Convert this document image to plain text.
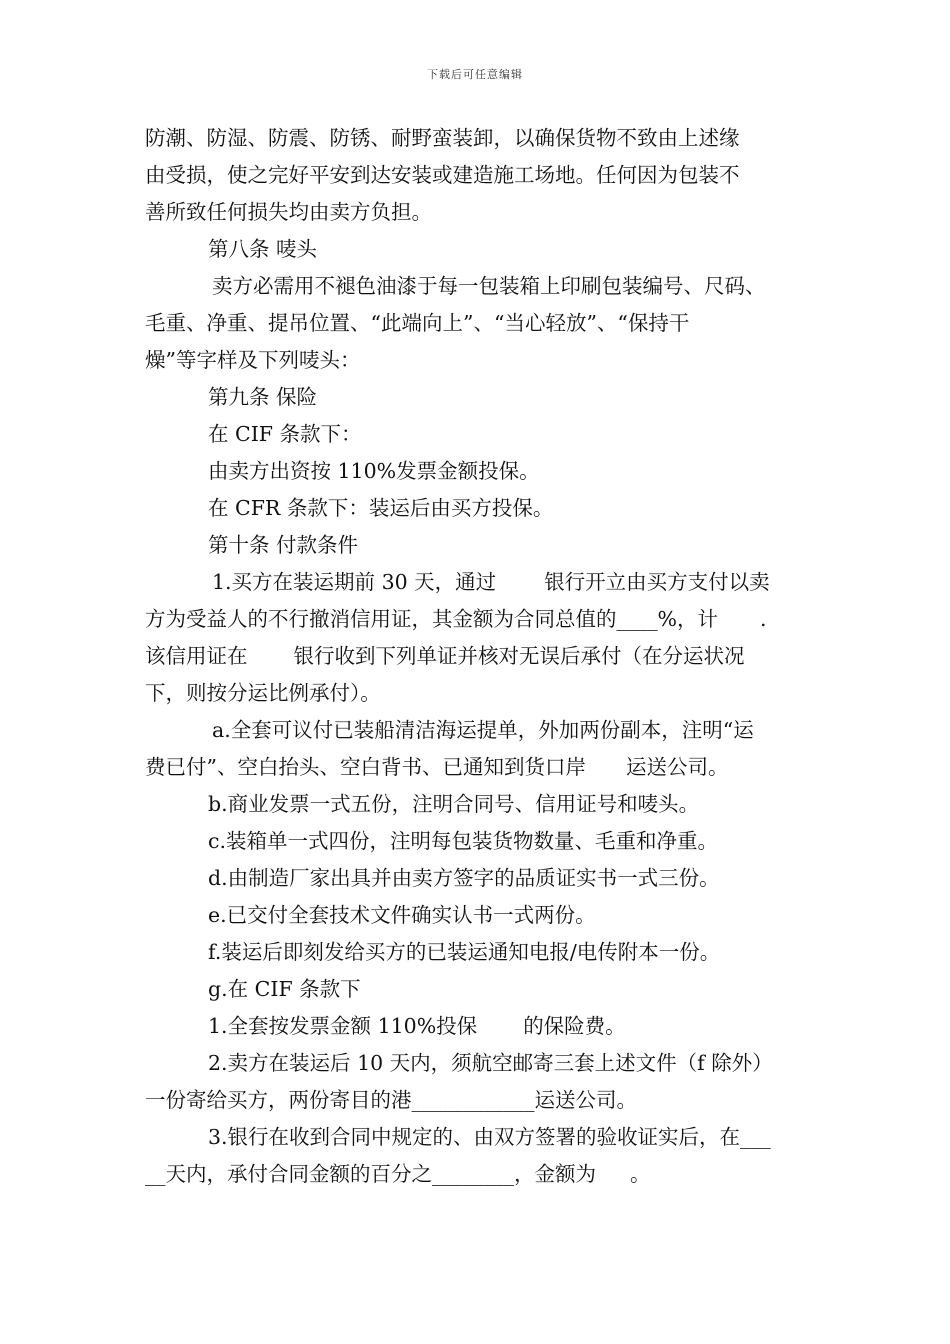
下载后可任意编辑
防潮、防湿、防震、防锈、耐野蛮装卸，以确保货物不致由上述缘
由受损，使之完好平安到达安装或建造施工场地。任何因为包装不
善所致任何损失均由卖方负担。
第八条 唛头
卖方必需用不褪色油漆于每一包装箱上印刷包装编号、尺码、
毛重、净重、提吊位置、“此端向上”、“当心轻放”、“保持干
燥”等字样及下列唛头：
第九条 保险
在 CIF 条款下：
由卖方出资按 110%发票金额投保。
在 CFR 条款下：装运后由买方投保。
第十条 付款条件
1.买方在装运期前 30 天，通过 银行开立由买方支付以卖
方为受益人的不行撤消信用证，其金额为合同总值的____%，计 .
该信用证在 银行收到下列单证并核对无误后承付（在分运状况
下，则按分运比例承付）。
a.全套可议付已装船清洁海运提单，外加两份副本，注明“运
费已付”、空白抬头、空白背书、已通知到货口岸 运送公司。
b.商业发票一式五份，注明合同号、信用证号和唛头。
c.装箱单一式四份，注明每包装货物数量、毛重和净重。
d.由制造厂家出具并由卖方签字的品质证实书一式三份。
e.已交付全套技术文件确实认书一式两份。
f.装运后即刻发给买方的已装运通知电报/电传附本一份。
g.在 CIF 条款下
1.全套按发票金额 110%投保 的保险费。
2.卖方在装运后 10 天内，须航空邮寄三套上述文件（f 除外）
一份寄给买方，两份寄目的港____________运送公司。
3.银行在收到合同中规定的、由双方签署的验收证实后，在___
__天内，承付合同金额的百分之________，金额为 。
